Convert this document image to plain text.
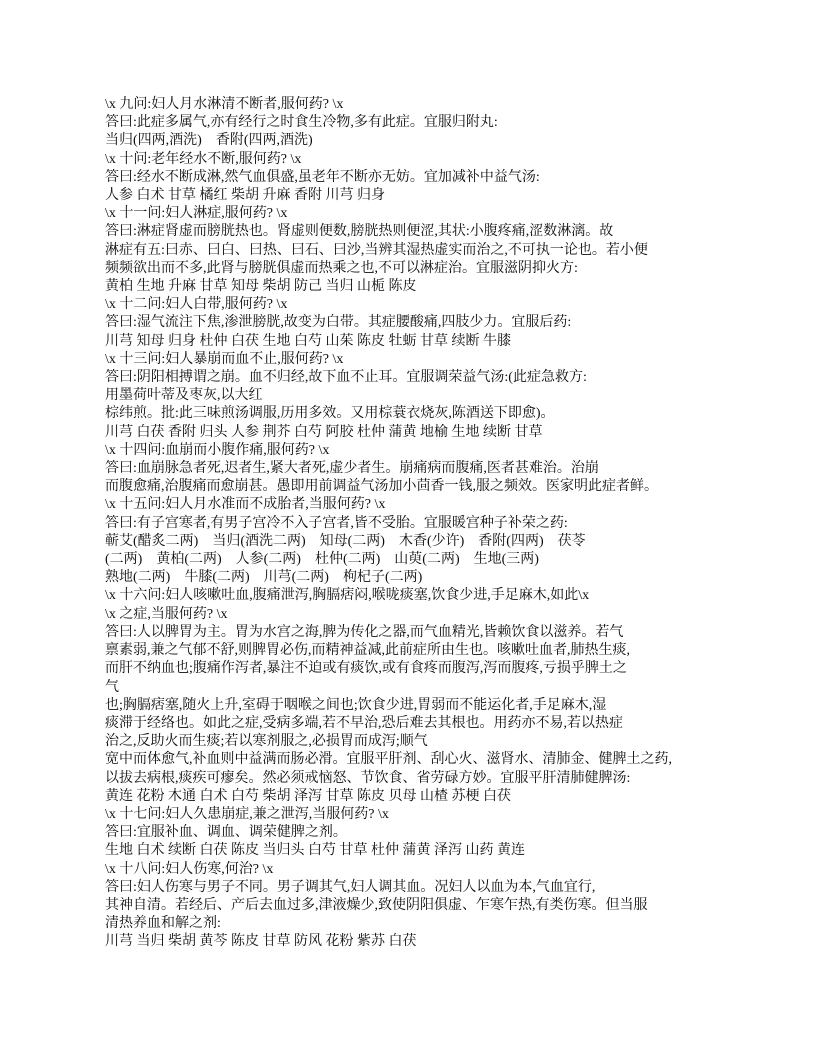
\x 九问:妇人月水淋清不断者,服何药? \x
答曰:此症多属气,亦有经行之时食生冷物,多有此症。宜服归附丸:
当归(四两,酒洗)　香附(四两,酒洗)
\x 十问:老年经水不断,服何药? \x
答曰:经水不断成淋,然气血俱盛,虽老年不断亦无妨。宜加减补中益气汤:
人参 白术 甘草 橘红 柴胡 升麻 香附 川芎 归身
\x 十一问:妇人淋症,服何药? \x
答曰:淋症肾虚而膀胱热也。肾虚则便数,膀胱热则便涩,其状:小腹疼痛,涩数淋漓。故
淋症有五:曰赤、曰白、曰热、曰石、曰沙,当辨其湿热虚实而治之,不可执一论也。若小便
频频欲出而不多,此肾与膀胱俱虚而热乘之也,不可以淋症治。宜服滋阴抑火方:
黄柏 生地 升麻 甘草 知母 柴胡 防己 当归 山栀 陈皮
\x 十二问:妇人白带,服何药? \x
答曰:湿气流注下焦,渗泄膀胱,故变为白带。其症腰酸痛,四肢少力。宜服后药:
川芎 知母 归身 杜仲 白茯 生地 白芍 山茱 陈皮 牡蛎 甘草 续断 牛膝
\x 十三问:妇人暴崩而血不止,服何药? \x
答曰:阴阳相搏谓之崩。血不归经,故下血不止耳。宜服调荣益气汤:(此症急救方:
用墨荷叶蒂及枣灰,以大红
棕纬煎。批:此三味煎汤调服,历用多效。又用棕蓑衣烧灰,陈酒送下即愈)。
川芎 白茯 香附 归头 人参 荆芥 白芍 阿胶 杜仲 蒲黄 地榆 生地 续断 甘草
\x 十四问:血崩而小腹作痛,服何药? \x
答曰:血崩脉急者死,迟者生,紧大者死,虚少者生。崩痛病而腹痛,医者甚难治。治崩
而腹愈痛,治腹痛而愈崩甚。愚即用前调益气汤加小茴香一钱,服之频效。医家明此症者鲜。
\x 十五问:妇人月水准而不成胎者,当服何药? \x
答曰:有子宫寒者,有男子宫冷不入子宫者,皆不受胎。宜服暖宫种子补荣之药:
蕲艾(醋炙二两)　当归(酒洗二两)　知母(二两)　木香(少许)　香附(四两)　茯苓
(二两)　黄柏(二两)　人参(二两)　杜仲(二两)　山萸(二两)　生地(三两)
熟地(二两)　牛膝(二两)　川芎(二两)　枸杞子(二两)
\x 十六问:妇人咳嗽吐血,腹痛泄泻,胸膈痞闷,喉咙痰塞,饮食少进,手足麻木,如此\x
\x 之症,当服何药? \x
答曰:人以脾胃为主。胃为水宫之海,脾为传化之器,而气血精光,皆赖饮食以滋养。若气
禀素弱,兼之气郁不舒,则脾胃必伤,而精神益减,此前症所由生也。咳嗽吐血者,肺热生痰,
而肝不纳血也;腹痛作泻者,暴注不迫或有痰饮,或有食疼而腹泻,泻而腹疼,亏损乎脾土之
气
也;胸膈痞塞,随火上升,室碍于咽喉之间也;饮食少进,胃弱而不能运化者,手足麻木,湿
痰滞于经络也。如此之症,受病多端,若不早治,恐后难去其根也。用药亦不易,若以热症
治之,反助火而生痰;若以寒剂服之,必损胃而成泻;顺气
宽中而体愈气,补血则中益满而肠必滑。宜服平肝剂、刮心火、滋肾水、清肺金、健脾土之药,
以拔去病根,痰疾可瘳矣。然必须戒恼怒、节饮食、省劳碌方妙。宜服平肝清肺健脾汤:
黄连 花粉 木通 白术 白芍 柴胡 泽泻 甘草 陈皮 贝母 山楂 苏梗 白茯
\x 十七问:妇人久患崩症,兼之泄泻,当服何药? \x
答曰:宜服补血、调血、调荣健脾之剂。
生地 白术 续断 白茯 陈皮 当归头 白芍 甘草 杜仲 蒲黄 泽泻 山药 黄连
\x 十八问:妇人伤寒,何治? \x
答曰:妇人伤寒与男子不同。男子调其气,妇人调其血。况妇人以血为本,气血宜行,
其神自清。若经后、产后去血过多,津液燥少,致使阴阳俱虚、乍寒乍热,有类伤寒。但当服
清热养血和解之剂:
川芎 当归 柴胡 黄芩 陈皮 甘草 防风 花粉 紫苏 白茯
